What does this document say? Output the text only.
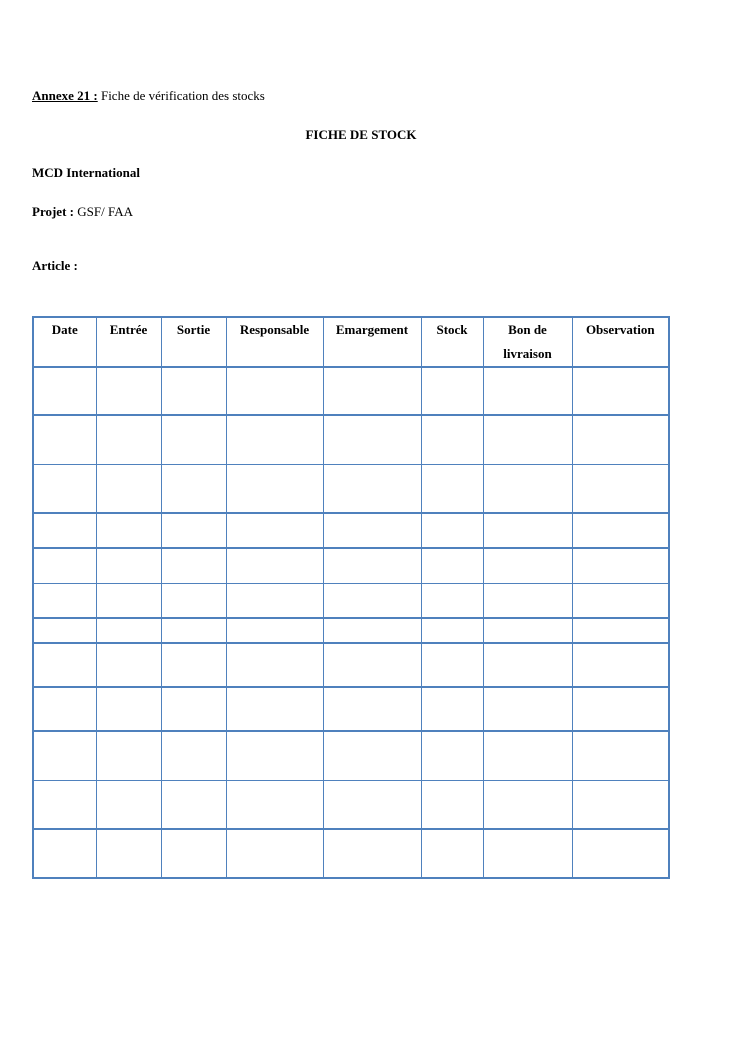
Annexe 21 : Fiche de vérification des stocks
FICHE DE STOCK
MCD International
Projet : GSF/ FAA
Article :
Date	Entrée	Sortie	Responsable	Emargement	Stock	Bon de livraison	Observation
